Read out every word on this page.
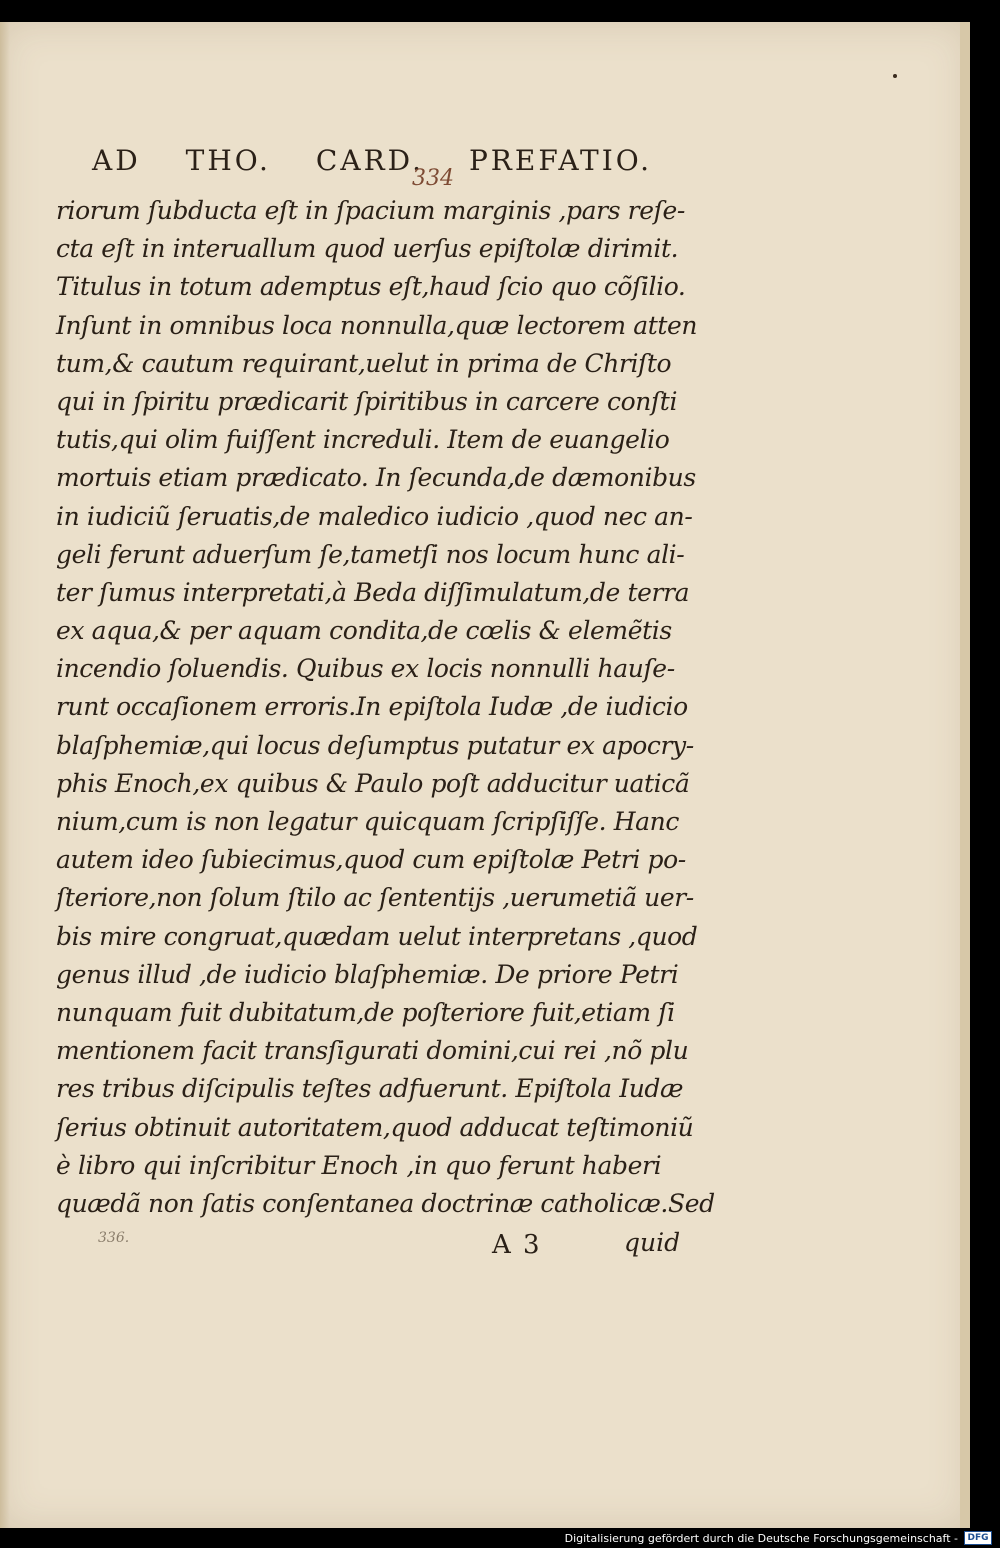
AD THO. CARD. PREFATIO.
334
riorum ſubducta eſt in ſpacium marginis ,pars reſe-
cta eſt in interuallum quod uerſus epiſtolæ dirimit.
Titulus in totum ademptus eſt,haud ſcio quo cõſilio.
Inſunt in omnibus loca nonnulla,quæ lectorem atten
tum,& cautum requirant,uelut in prima de Chriſto
qui in ſpiritu prædicarit ſpiritibus in carcere conſti
tutis,qui olim fuiſſent increduli. Item de euangelio
mortuis etiam prædicato. In ſecunda,de dæmonibus
in iudiciũ ſeruatis,de maledico iudicio ,quod nec an-
geli ferunt aduerſum ſe,tametſi nos locum hunc ali-
ter ſumus interpretati,à Beda diſſimulatum,de terra
ex aqua,& per aquam condita,de cœlis & elemẽtis
incendio ſoluendis. Quibus ex locis nonnulli hauſe-
runt occaſionem erroris.In epiſtola Iudæ ,de iudicio
blaſphemiæ,qui locus deſumptus putatur ex apocry-
phis Enoch,ex quibus & Paulo poſt adducitur uaticã
nium,cum is non legatur quicquam ſcripſiſſe. Hanc
autem ideo ſubiecimus,quod cum epiſtolæ Petri po-
ſteriore,non ſolum ſtilo ac ſententijs ,uerumetiã uer-
bis mire congruat,quædam uelut interpretans ,quod
genus illud ,de iudicio blaſphemiæ. De priore Petri
nunquam fuit dubitatum,de poſteriore fuit,etiam ſi
mentionem facit transſigurati domini,cui rei ,nõ plu
res tribus diſcipulis teſtes adfuerunt. Epiſtola Iudæ
ſerius obtinuit autoritatem,quod adducat teſtimoniũ
è libro qui inſcribitur Enoch ,in quo ferunt haberi
quædã non ſatis conſentanea doctrinæ catholicæ.Sed
336.	A 3	quid
Digitalisierung gefördert durch die Deutsche Forschungsgemeinschaft -	DFG
